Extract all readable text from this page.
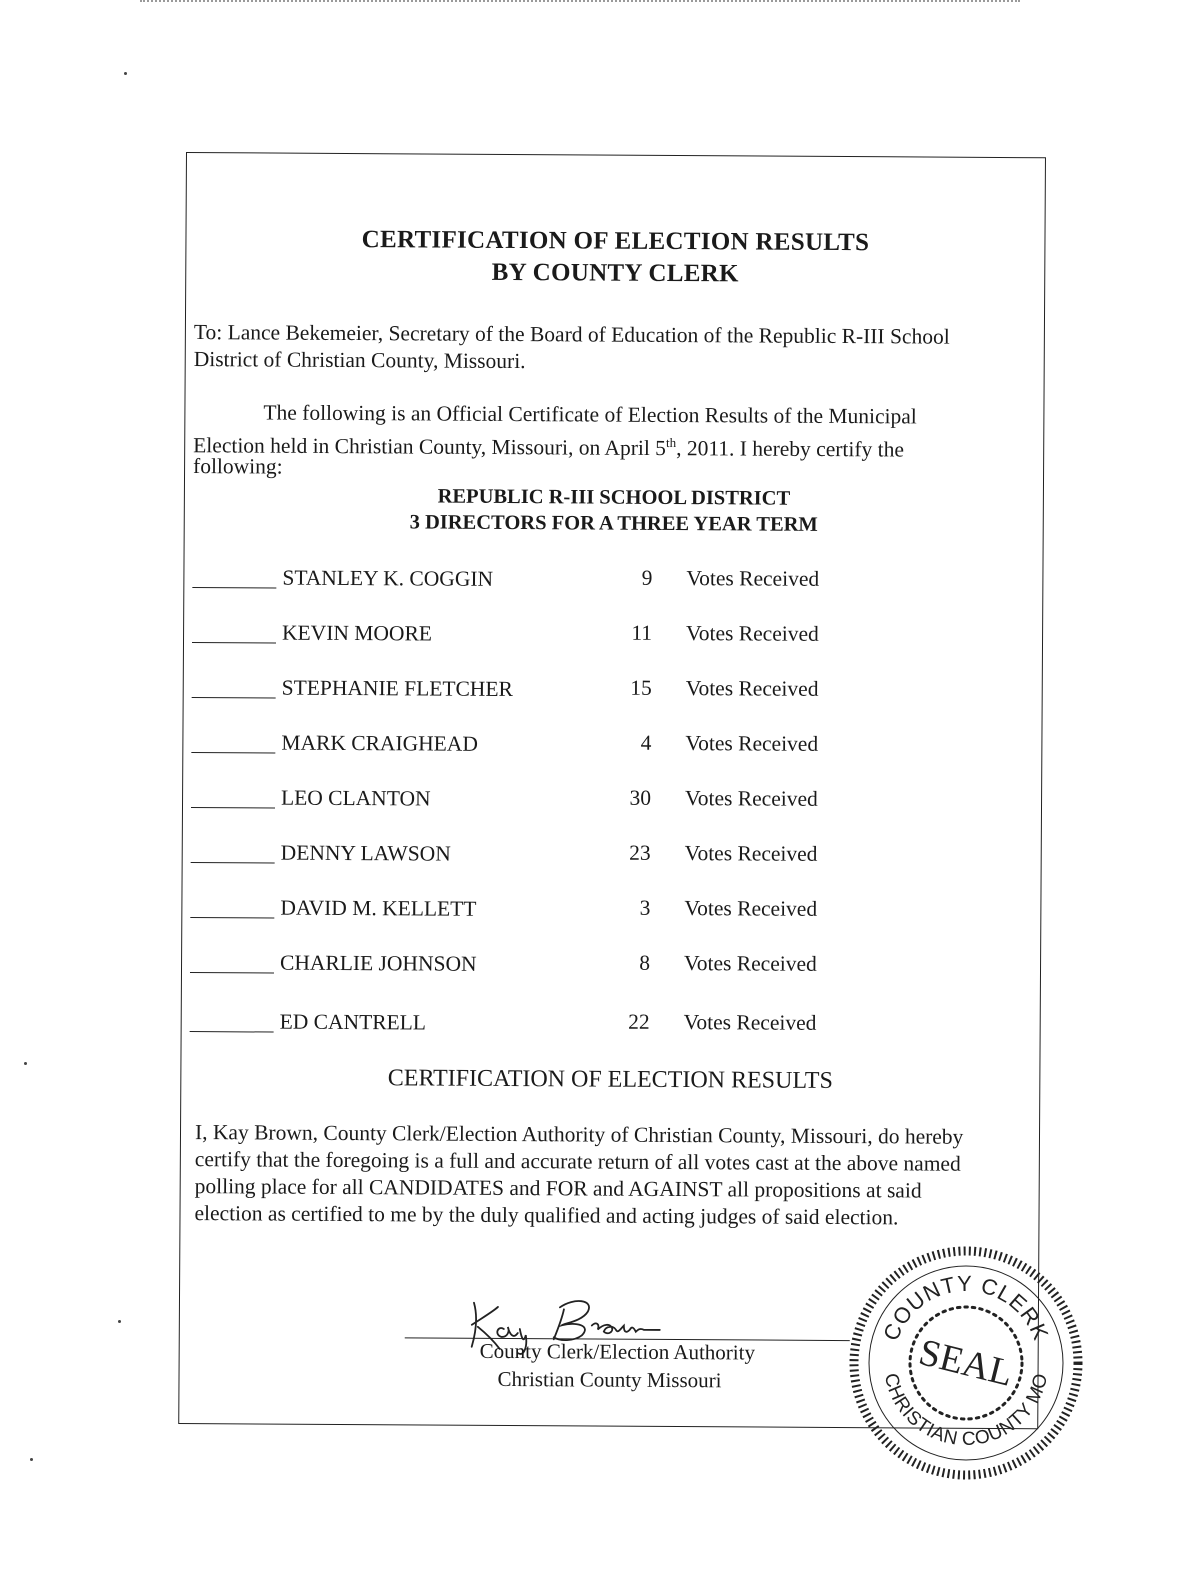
CERTIFICATION OF ELECTION RESULTS
BY COUNTY CLERK
To: Lance Bekemeier, Secretary of the Board of Education of the Republic R-III School
District of Christian County, Missouri.
The following is an Official Certificate of Election Results of the Municipal
Election held in Christian County, Missouri, on April 5th, 2011. I hereby certify the
following:
REPUBLIC R-III SCHOOL DISTRICT
3 DIRECTORS FOR A THREE YEAR TERM
STANLEY K. COGGIN	9 Votes Received
KEVIN MOORE	11 Votes Received
STEPHANIE FLETCHER	15 Votes Received
MARK CRAIGHEAD	4 Votes Received
LEO CLANTON	30 Votes Received
DENNY LAWSON	23 Votes Received
DAVID M. KELLETT	3 Votes Received
CHARLIE JOHNSON	8 Votes Received
ED CANTRELL	22 Votes Received
CERTIFICATION OF ELECTION RESULTS
I, Kay Brown, County Clerk/Election Authority of Christian County, Missouri, do hereby
certify that the foregoing is a full and accurate return of all votes cast at the above named
polling place for all CANDIDATES and FOR and AGAINST all propositions at said
election as certified to me by the duly qualified and acting judges of said election.
County Clerk/Election Authority
Christian County Missouri
COUNTY CLERK
CHRISTIAN COUNTY MO
SEAL
